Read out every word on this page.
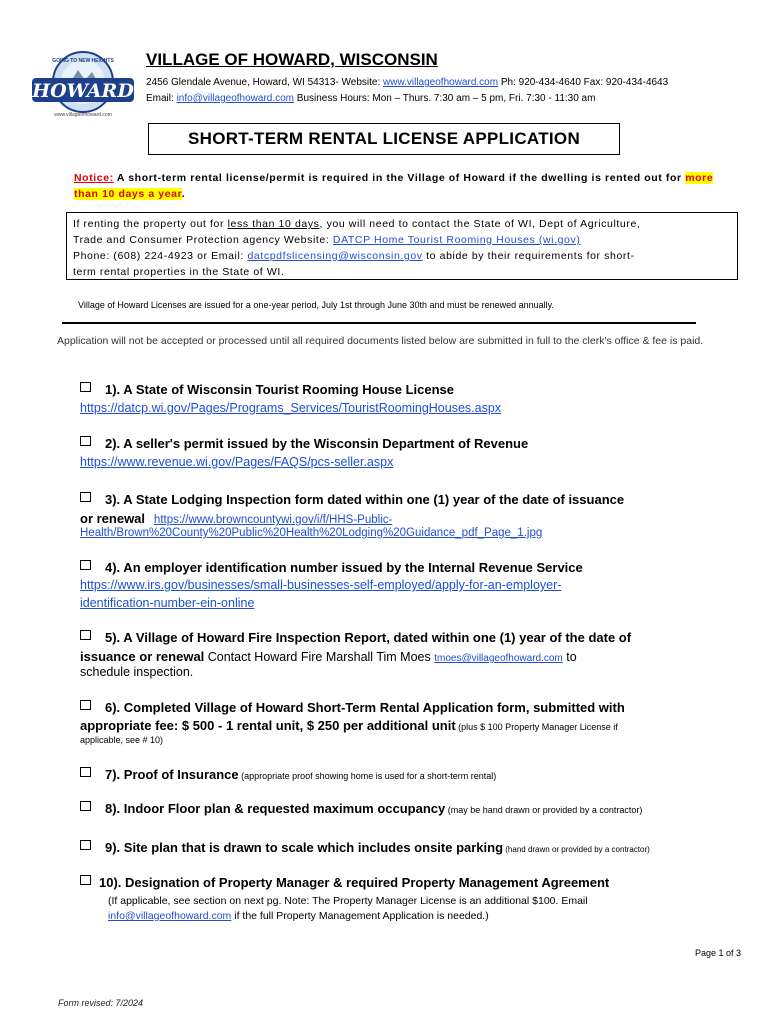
HOWARD
GOING TO NEW HEIGHTS
www.villageofhoward.com
VILLAGE OF HOWARD, WISCONSIN
2456 Glendale Avenue, Howard, WI 54313- Website: www.villageofhoward.com Ph: 920-434-4640 Fax: 920-434-4643
Email: info@villageofhoward.com Business Hours: Mon – Thurs. 7:30 am – 5 pm, Fri. 7:30 - 11:30 am
SHORT-TERM RENTAL LICENSE APPLICATION
Notice: A short-term rental license/permit is required in the Village of Howard if the dwelling is rented out for more than 10 days a year.
If renting the property out for less than 10 days, you will need to contact the State of WI, Dept of Agriculture,
Trade and Consumer Protection agency Website: DATCP Home Tourist Rooming Houses (wi.gov)
Phone: (608) 224-4923 or Email: datcpdfslicensing@wisconsin.gov to abide by their requirements for short-
term rental properties in the State of WI.
Village of Howard Licenses are issued for a one-year period, July 1st through June 30th and must be renewed annually.
Application will not be accepted or processed until all required documents listed below are submitted in full to the clerk's office & fee is paid.
1). A State of Wisconsin Tourist Rooming House License
https://datcp.wi.gov/Pages/Programs_Services/TouristRoomingHouses.aspx
2). A seller's permit issued by the Wisconsin Department of Revenue
https://www.revenue.wi.gov/Pages/FAQS/pcs-seller.aspx
3). A State Lodging Inspection form dated within one (1) year of the date of issuance
or renewal https://www.browncountywi.gov/i/f/HHS-Public-
Health/Brown%20County%20Public%20Health%20Lodging%20Guidance_pdf_Page_1.jpg
4). An employer identification number issued by the Internal Revenue Service
https://www.irs.gov/businesses/small-businesses-self-employed/apply-for-an-employer-
identification-number-ein-online
5). A Village of Howard Fire Inspection Report, dated within one (1) year of the date of
issuance or renewal Contact Howard Fire Marshall Tim Moes tmoes@villageofhoward.com to
schedule inspection.
6). Completed Village of Howard Short-Term Rental Application form, submitted with
appropriate fee: $ 500 - 1 rental unit, $ 250 per additional unit (plus $ 100 Property Manager License if
applicable, see # 10)
7). Proof of Insurance (appropriate proof showing home is used for a short-term rental)
8). Indoor Floor plan & requested maximum occupancy (may be hand drawn or provided by a contractor)
9). Site plan that is drawn to scale which includes onsite parking (hand drawn or provided by a contractor)
10). Designation of Property Manager & required Property Management Agreement
(If applicable, see section on next pg. Note: The Property Manager License is an additional $100. Email
info@villageofhoward.com if the full Property Management Application is needed.)
Page 1 of 3
Form revised: 7/2024
